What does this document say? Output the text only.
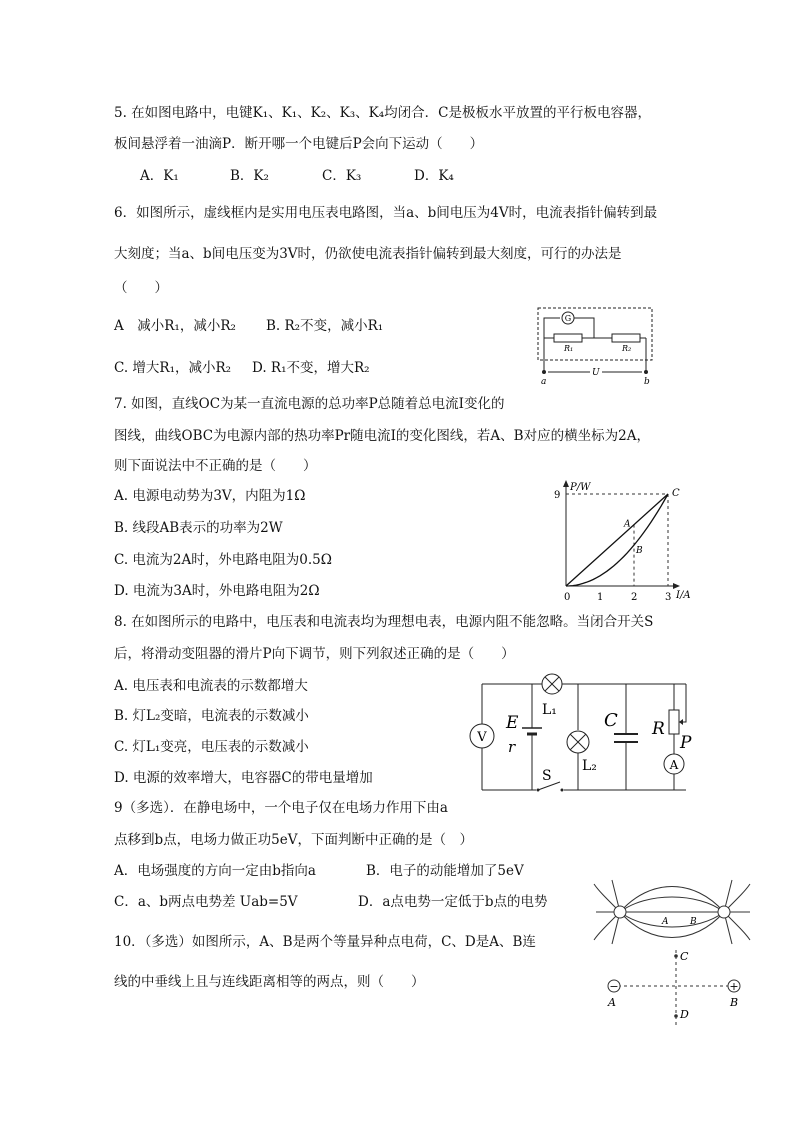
5. 在如图电路中，电键K₁、K₁、K₂、K₃、K₄均闭合．C是极板水平放置的平行板电容器，
板间悬浮着一油滴P．断开哪一个电键后P会向下运动（　　）
A．K₁	B．K₂	C．K₃	D．K₄
6．如图所示，虚线框内是实用电压表电路图，当a、b间电压为4V时，电流表指针偏转到最
大刻度；当a、b间电压变为3V时，仍欲使电流表指针偏转到最大刻度，可行的办法是
（　　）
A　减小R₁，减小R₂ B. R₂不变，减小R₁
C. 增大R₁，减小R₂ D. R₁不变，增大R₂
G
R₁	R₂
U
a	b
7. 如图，直线OC为某一直流电源的总功率P总随着总电流I变化的
图线，曲线OBC为电源内部的热功率Pr随电流I的变化图线，若A、B对应的横坐标为2A，
则下面说法中不正确的是（　　）
A. 电源电动势为3V，内阻为1Ω
B. 线段AB表示的功率为2W
C. 电流为2A时，外电路电阻为0.5Ω
D. 电流为3A时，外电路电阻为2Ω
P/W
I/A
0	1	2	3
9
A
B
C
8. 在如图所示的电路中，电压表和电流表均为理想电表，电源内阻不能忽略。当闭合开关S
后，将滑动变阻器的滑片P向下调节，则下列叙述正确的是（　　）
A. 电压表和电流表的示数都增大
B. 灯L₂变暗，电流表的示数减小
C. 灯L₁变亮，电压表的示数减小
D. 电源的效率增大，电容器C的带电量增加
V
E
r
L₁
S
L₂
C
A
R
P
9（多选）．在静电场中，一个电子仅在电场力作用下由a
点移到b点，电场力做正功5eV，下面判断中正确的是（　）
A．电场强度的方向一定由b指向a	B．电子的动能增加了5eV
C．a、b两点电势差 Uab=5V	D．a点电势一定低于b点的电势
A B
10．（多选）如图所示，A、B是两个等量异种点电荷，C、D是A、B连
线的中垂线上且与连线距离相等的两点，则（　　）	−	+
A	B
C
D
